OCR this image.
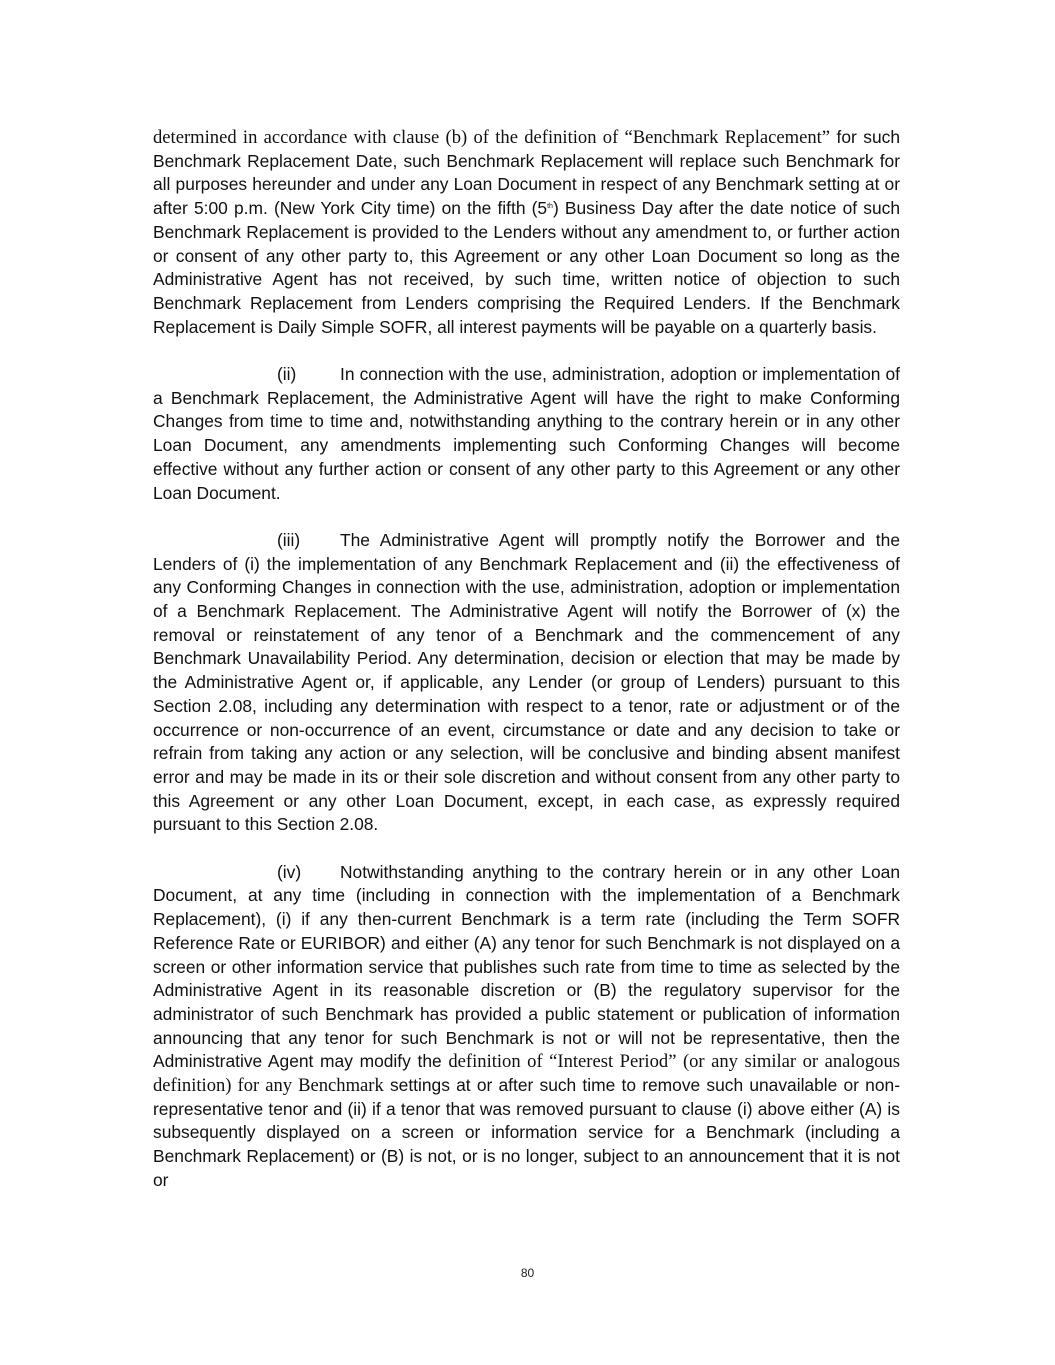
determined in accordance with clause (b) of the definition of “Benchmark Replacement” for such Benchmark Replacement Date, such Benchmark Replacement will replace such Benchmark for all purposes hereunder and under any Loan Document in respect of any Benchmark setting at or after 5:00 p.m. (New York City time) on the fifth (5th) Business Day after the date notice of such Benchmark Replacement is provided to the Lenders without any amendment to, or further action or consent of any other party to, this Agreement or any other Loan Document so long as the Administrative Agent has not received, by such time, written notice of objection to such Benchmark Replacement from Lenders comprising the Required Lenders. If the Benchmark Replacement is Daily Simple SOFR, all interest payments will be payable on a quarterly basis.

(ii)	In connection with the use, administration, adoption or implementation of a Benchmark Replacement, the Administrative Agent will have the right to make Conforming Changes from time to time and, notwithstanding anything to the contrary herein or in any other Loan Document, any amendments implementing such Conforming Changes will become effective without any further action or consent of any other party to this Agreement or any other Loan Document.

(iii) The Administrative Agent will promptly notify the Borrower and the Lenders of (i) the implementation of any Benchmark Replacement and (ii) the effectiveness of any Conforming Changes in connection with the use, administration, adoption or implementation of a Benchmark Replacement. The Administrative Agent will notify the Borrower of (x) the removal or reinstatement of any tenor of a Benchmark and the commencement of any Benchmark Unavailability Period. Any determination, decision or election that may be made by the Administrative Agent or, if applicable, any Lender (or group of Lenders) pursuant to this Section 2.08, including any determination with respect to a tenor, rate or adjustment or of the occurrence or non-occurrence of an event, circumstance or date and any decision to take or refrain from taking any action or any selection, will be conclusive and binding absent manifest error and may be made in its or their sole discretion and without consent from any other party to this Agreement or any other Loan Document, except, in each case, as expressly required pursuant to this Section 2.08.

(iv) Notwithstanding anything to the contrary herein or in any other Loan Document, at any time (including in connection with the implementation of a Benchmark Replacement), (i) if any then-current Benchmark is a term rate (including the Term SOFR Reference Rate or EURIBOR) and either (A) any tenor for such Benchmark is not displayed on a screen or other information service that publishes such rate from time to time as selected by the Administrative Agent in its reasonable discretion or (B) the regulatory supervisor for the administrator of such Benchmark has provided a public statement or publication of information announcing that any tenor for such Benchmark is not or will not be representative, then the Administrative Agent may modify the definition of “Interest Period” (or any similar or analogous definition) for any Benchmark settings at or after such time to remove such unavailable or non-representative tenor and (ii) if a tenor that was removed pursuant to clause (i) above either (A) is subsequently displayed on a screen or information service for a Benchmark (including a Benchmark Replacement) or (B) is not, or is no longer, subject to an announcement that it is not or

80
